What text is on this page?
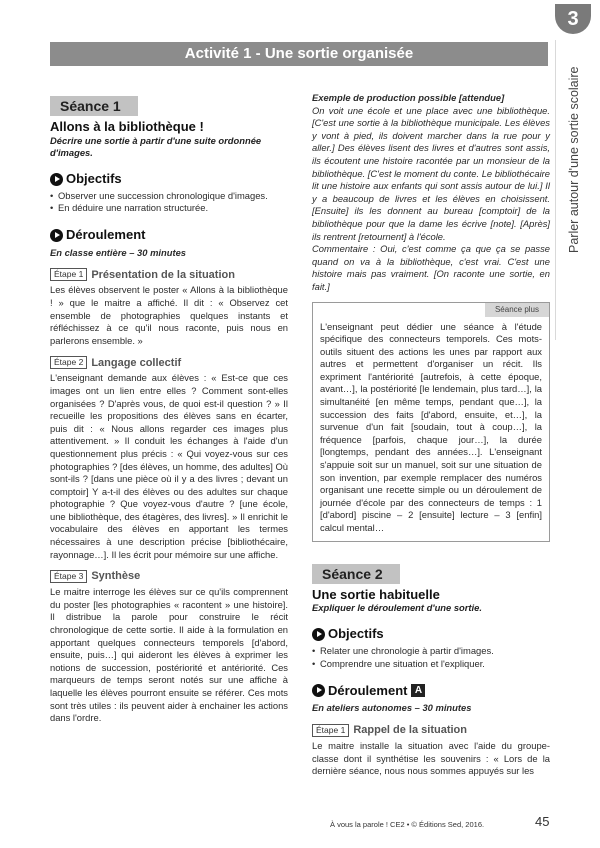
3
Parler autour d'une sortie scolaire
Activité 1 - Une sortie organisée
Séance 1
Allons à la bibliothèque !
Décrire une sortie à partir d'une suite ordonnée d'images.
Objectifs
• Observer une succession chronologique d'images.
• En déduire une narration structurée.
Déroulement
En classe entière – 30 minutes
Étape 1 Présentation de la situation

Les élèves observent le poster « Allons à la bibliothèque ! » que le maitre a affiché. Il dit : « Observez cet ensemble de photographies quelques instants et réfléchissez à ce qu'il nous raconte, puis nous en parlerons ensemble. »

Étape 2 Langage collectif

L'enseignant demande aux élèves : « Est-ce que ces images ont un lien entre elles ? Comment sont-elles organisées ? D'après vous, de quoi est-il question ? » Il recueille les propositions des élèves sans en écarter, puis dit : « Nous allons regarder ces images plus attentivement. » Il conduit les échanges à l'aide d'un questionnement plus précis : « Qui voyez-vous sur ces photographies ? [des élèves, un homme, des adultes] Où sont-ils ? [dans une pièce où il y a des livres ; devant un comptoir] Y a-t-il des élèves ou des adultes sur chaque photographie ? Que voyez-vous d'autre ? [une école, une bibliothèque, des étagères, des livres]. » Il enrichit le vocabulaire des élèves en apportant les termes nécessaires à une description précise [bibliothécaire, rayonnage…]. Il les écrit pour mémoire sur une affiche.

Étape 3 Synthèse

Le maitre interroge les élèves sur ce qu'ils comprennent du poster [les photographies « racontent » une histoire]. Il distribue la parole pour construire le récit chronologique de cette sortie. Il aide à la formulation en apportant quelques connecteurs temporels [d'abord, ensuite, puis…] qui aideront les élèves à exprimer les notions de succession, postériorité et antériorité. Ces marqueurs de temps seront notés sur une affiche à laquelle les élèves pourront ensuite se référer. Ces mots sont très utiles : ils peuvent aider à enchainer les actions dans l'ordre.

Exemple de production possible [attendue]

On voit une école et une place avec une bibliothèque. [C'est une sortie à la bibliothèque municipale. Les élèves y vont à pied, ils doivent marcher dans la rue pour y aller.] Des élèves lisent des livres et d'autres sont assis, ils écoutent une histoire racontée par un monsieur de la bibliothèque. [C'est le moment du conte. Le bibliothécaire lit une histoire aux enfants qui sont assis autour de lui.] Il y a beaucoup de livres et les élèves en choisissent. [Ensuite] ils les donnent au bureau [comptoir] de la bibliothèque pour que la dame les écrive [note]. [Après] ils rentrent [retournent] à l'école.

Commentaire : Oui, c'est comme ça que ça se passe quand on va à la bibliothèque, c'est vrai. C'est une histoire mais pas vraiment. [On raconte une sortie, en fait.]

Séance plus

L'enseignant peut dédier une séance à l'étude spécifique des connecteurs temporels. Ces mots-outils situent des actions les unes par rapport aux autres et permettent d'organiser un récit. Ils expriment l'antériorité [autrefois, à cette époque, avant…], la postériorité [le lendemain, plus tard…], la simultanéité [en même temps, pendant que…], la succession des faits [d'abord, ensuite, et…], la survenue d'un fait [soudain, tout à coup…], la fréquence [parfois, chaque jour…], la durée [longtemps, pendant des années…]. L'enseignant s'appuie soit sur un manuel, soit sur une situation de son invention, par exemple remplacer des numéros organisant une recette simple ou un déroulement de journée d'école par des connecteurs de temps : 1 [d'abord] piscine – 2 [ensuite] lecture – 3 [enfin] calcul mental…

Séance 2
Une sortie habituelle
Expliquer le déroulement d'une sortie.
Objectifs
• Relater une chronologie à partir d'images.
• Comprendre une situation et l'expliquer.
Déroulement A
En ateliers autonomes – 30 minutes
Étape 1 Rappel de la situation

Le maitre installe la situation avec l'aide du groupe-classe dont il synthétise les souvenirs : « Lors de la dernière séance, nous nous sommes appuyés sur les

À vous la parole ! CE2 • © Éditions Sed, 2016.	45
